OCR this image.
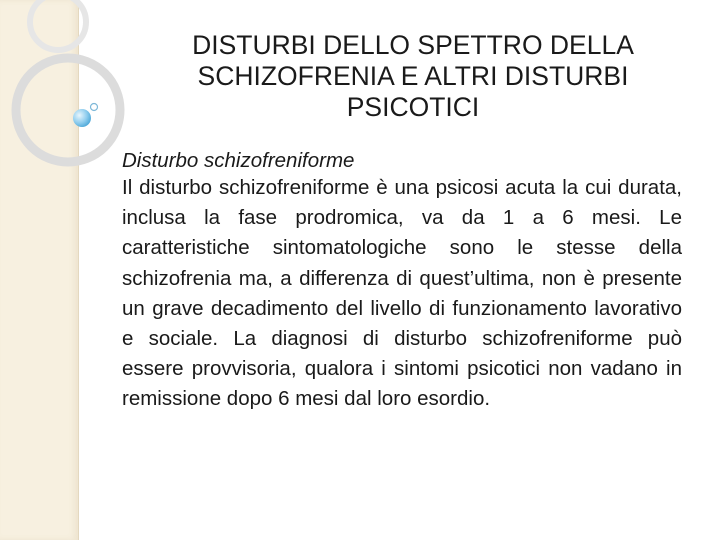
DISTURBI DELLO SPETTRO DELLA
SCHIZOFRENIA E ALTRI DISTURBI
PSICOTICI

Disturbo schizofreniforme

Il disturbo schizofreniforme è una psicosi acuta la cui durata, inclusa la fase prodromica, va da 1 a 6 mesi. Le caratteristiche sintomatologiche sono le stesse della schizofrenia ma, a differenza di quest’ultima, non è presente un grave decadimento del livello di funzionamento lavorativo e sociale. La diagnosi di disturbo schizofreniforme può essere provvisoria, qualora i sintomi psicotici non vadano in remissione dopo 6 mesi dal loro esordio.
